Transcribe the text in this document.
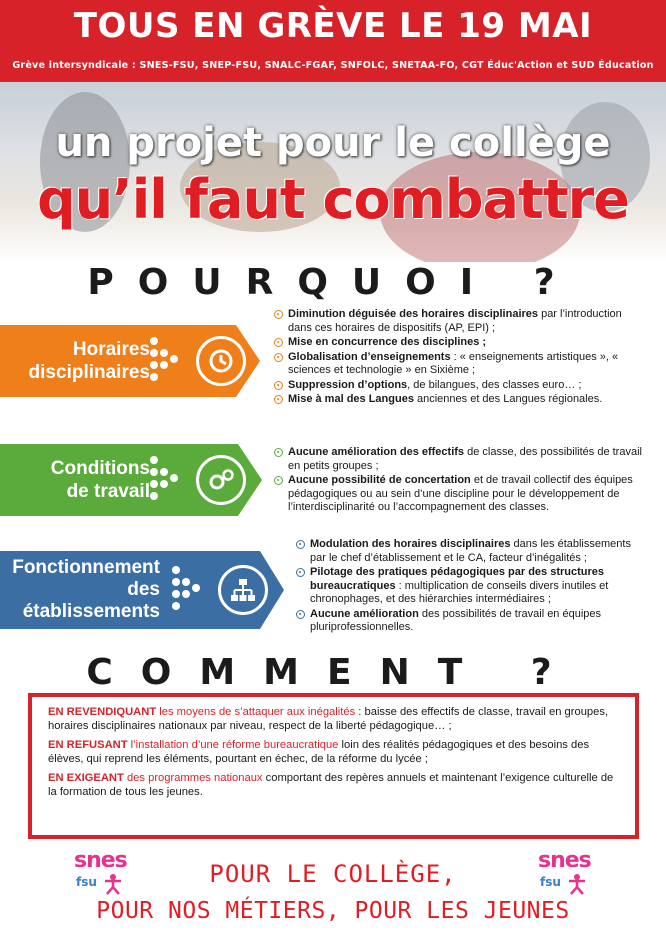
TOUS EN GRÈVE LE 19 MAI
Grève intersyndicale : SNES-FSU, SNEP-FSU, SNALC-FGAF, SNFOLC, SNETAA-FO, CGT Éduc'Action et SUD Éducation
un projet pour le collège
qu’il faut combattre
POURQUOI ?
Horaires
disciplinaires
Diminution déguisée des horaires disciplinaires par l’introduction dans ces horaires de dispositifs (AP, EPI) ;
Mise en concurrence des disciplines ;
Globalisation d’enseignements : « enseignements artistiques », « sciences et technologie » en Sixième ;
Suppression d’options, de bilangues, des classes euro… ;
Mise à mal des Langues anciennes et des Langues régionales.
Conditions
de travail
Aucune amélioration des effectifs de classe, des possibilités de travail en petits groupes ;
Aucune possibilité de concertation et de travail collectif des équipes pédagogiques ou au sein d’une discipline pour le développement de l’interdisciplinarité ou l’accompagnement des classes.
Fonctionnement
des
établissements
Modulation des horaires disciplinaires dans les établissements par le chef d’établissement et le CA, facteur d’inégalités ;
Pilotage des pratiques pédagogiques par des structures bureaucratiques : multiplication de conseils divers inutiles et chronophages, et des hiérarchies intermédiaires ;
Aucune amélioration des possibilités de travail en équipes pluriprofessionnelles.
COMMENT ?

EN REVENDIQUANT les moyens de s’attaquer aux inégalités : baisse des effectifs de classe, travail en groupes, horaires disciplinaires nationaux par niveau, respect de la liberté pédagogique… ;

EN REFUSANT l’installation d’une réforme bureaucratique loin des réalités pédagogiques et des besoins des élèves, qui reprend les éléments, pourtant en échec, de la réforme du lycée ;

EN EXIGEANT des programmes nationaux comportant des repères annuels et maintenant l’exigence culturelle de la formation de tous les jeunes.

snes
fsu
snes
fsu
POUR LE COLLÈGE,
POUR NOS MÉTIERS, POUR LES JEUNES
